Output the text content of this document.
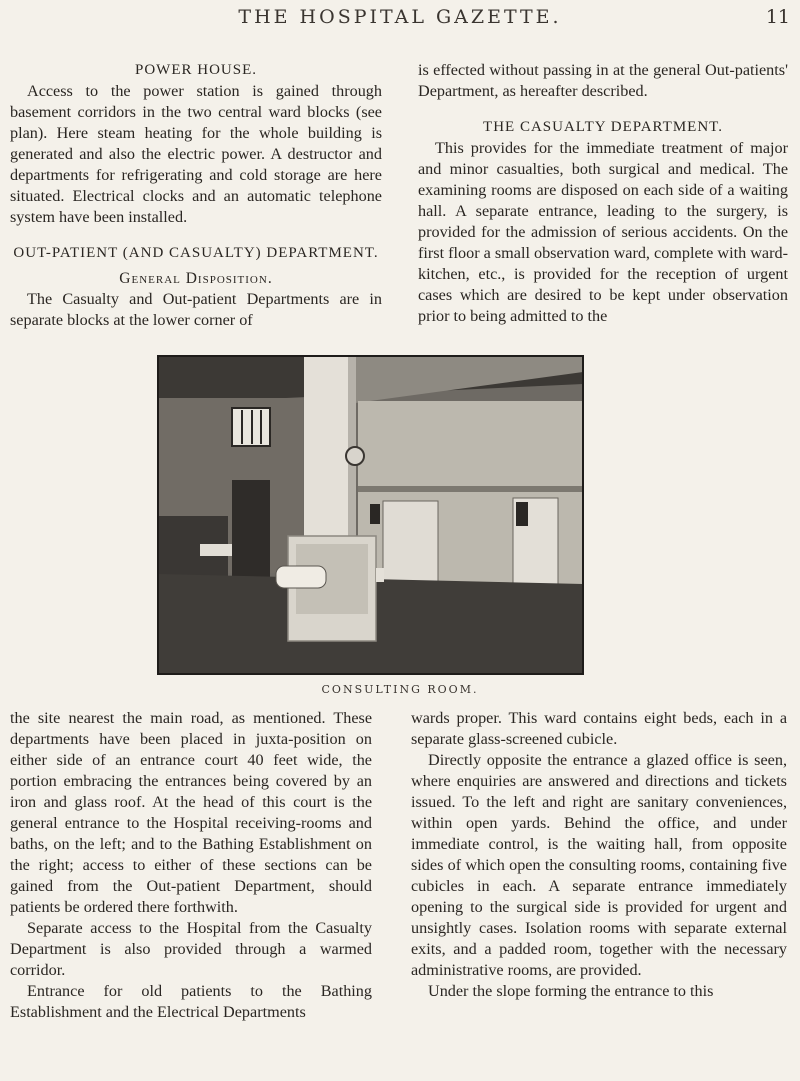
THE HOSPITAL GAZETTE.	11
POWER HOUSE.

Access to the power station is gained through basement corridors in the two central ward blocks (see plan). Here steam heating for the whole building is generated and also the electric power. A destructor and departments for refrigerating and cold storage are here situated. Electrical clocks and an automatic telephone system have been installed.

OUT-PATIENT (AND CASUALTY) DEPARTMENT.
General Disposition.

The Casualty and Out-patient Departments are in separate blocks at the lower corner of

is effected without passing in at the general Out-patients' Department, as hereafter described.

THE CASUALTY DEPARTMENT.

This provides for the immediate treatment of major and minor casualties, both surgical and medical. The examining rooms are disposed on each side of a waiting hall. A separate entrance, leading to the surgery, is provided for the admission of serious accidents. On the first floor a small observation ward, complete with ward-kitchen, etc., is provided for the reception of urgent cases which are desired to be kept under observation prior to being admitted to the

CONSULTING ROOM.

the site nearest the main road, as mentioned. These departments have been placed in juxta-position on either side of an entrance court 40 feet wide, the portion embracing the entrances being covered by an iron and glass roof. At the head of this court is the general entrance to the Hospital receiving-rooms and baths, on the left; and to the Bathing Establishment on the right; access to either of these sections can be gained from the Out-patient Department, should patients be ordered there forthwith.

Separate access to the Hospital from the Casualty Department is also provided through a warmed corridor.

Entrance for old patients to the Bathing Establishment and the Electrical Departments

wards proper. This ward contains eight beds, each in a separate glass-screened cubicle.

Directly opposite the entrance a glazed office is seen, where enquiries are answered and directions and tickets issued. To the left and right are sanitary conveniences, within open yards. Behind the office, and under immediate control, is the waiting hall, from opposite sides of which open the consulting rooms, containing five cubicles in each. A separate entrance immediately opening to the surgical side is provided for urgent and unsightly cases. Isolation rooms with separate external exits, and a padded room, together with the necessary administrative rooms, are provided.

Under the slope forming the entrance to this
